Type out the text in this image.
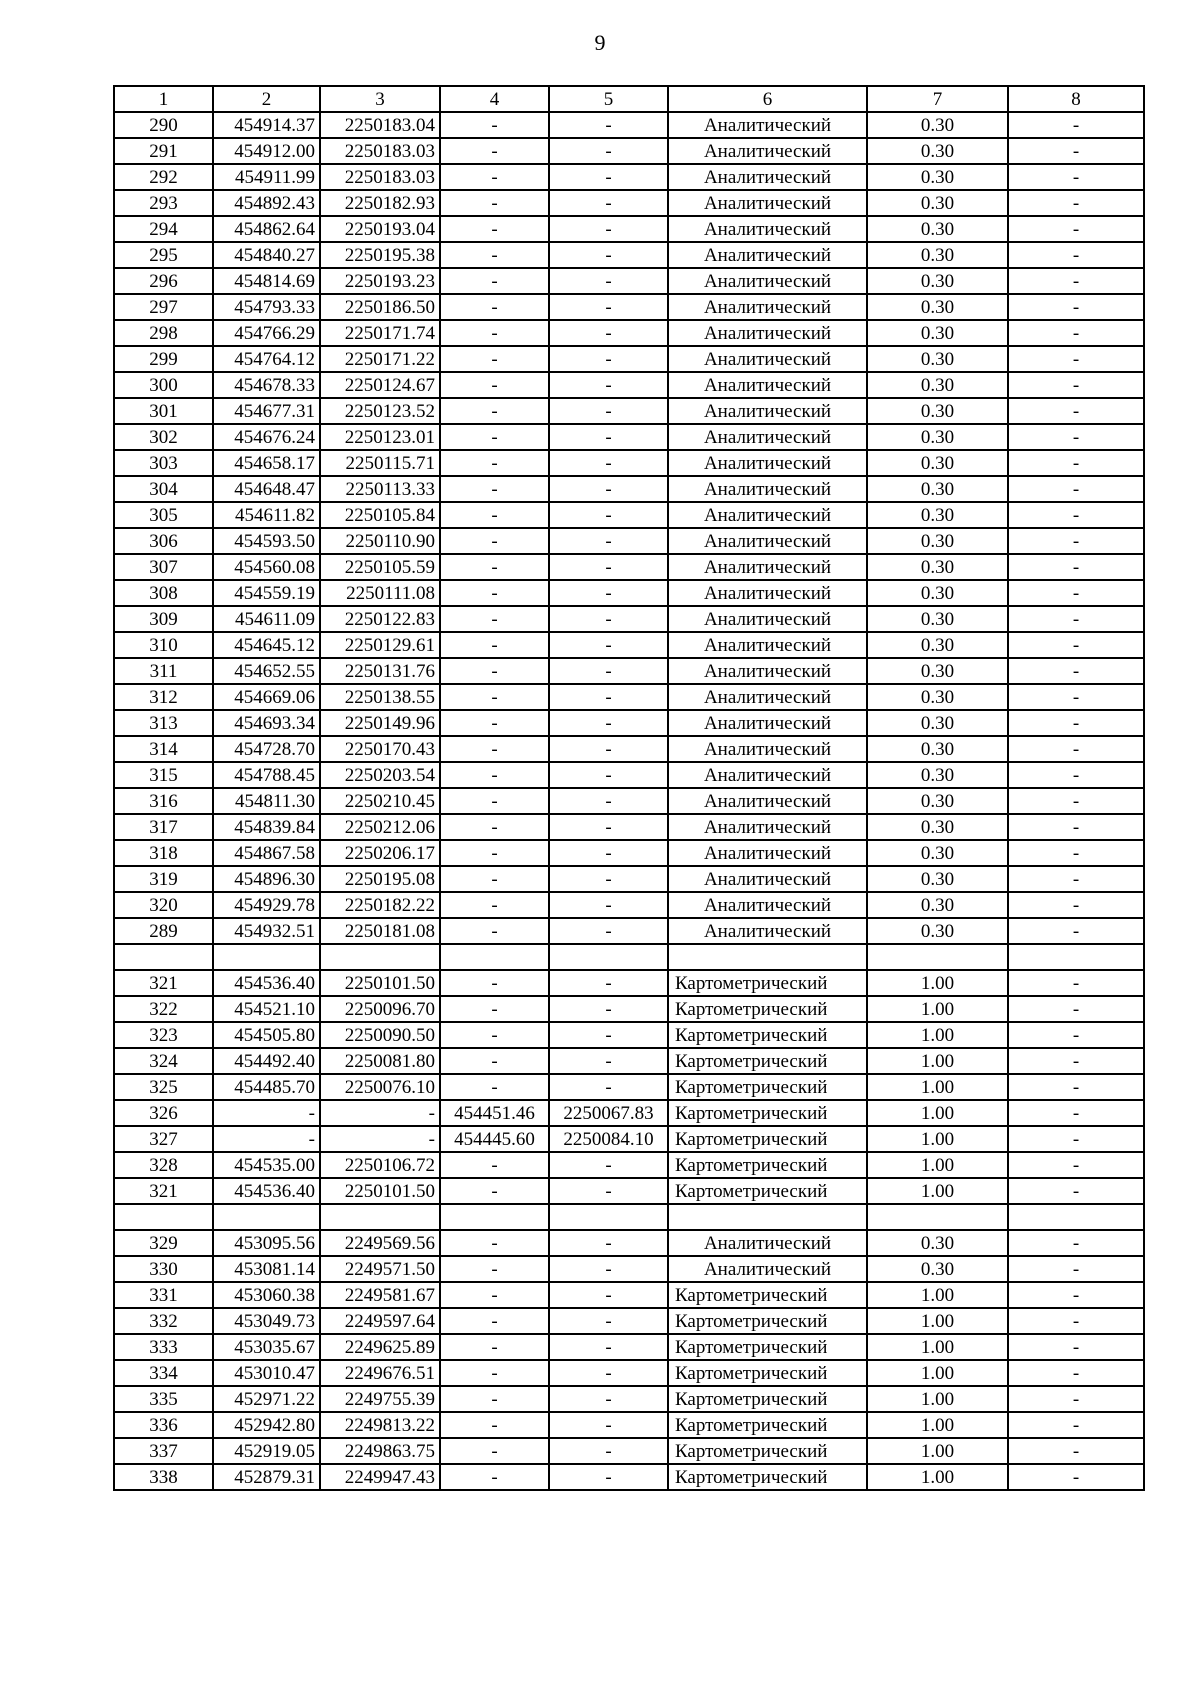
9
1	2	3	4	5	6	7	8
290	454914.37	2250183.04	-	-	Аналитический	0.30	-
291	454912.00	2250183.03	-	-	Аналитический	0.30	-
292	454911.99	2250183.03	-	-	Аналитический	0.30	-
293	454892.43	2250182.93	-	-	Аналитический	0.30	-
294	454862.64	2250193.04	-	-	Аналитический	0.30	-
295	454840.27	2250195.38	-	-	Аналитический	0.30	-
296	454814.69	2250193.23	-	-	Аналитический	0.30	-
297	454793.33	2250186.50	-	-	Аналитический	0.30	-
298	454766.29	2250171.74	-	-	Аналитический	0.30	-
299	454764.12	2250171.22	-	-	Аналитический	0.30	-
300	454678.33	2250124.67	-	-	Аналитический	0.30	-
301	454677.31	2250123.52	-	-	Аналитический	0.30	-
302	454676.24	2250123.01	-	-	Аналитический	0.30	-
303	454658.17	2250115.71	-	-	Аналитический	0.30	-
304	454648.47	2250113.33	-	-	Аналитический	0.30	-
305	454611.82	2250105.84	-	-	Аналитический	0.30	-
306	454593.50	2250110.90	-	-	Аналитический	0.30	-
307	454560.08	2250105.59	-	-	Аналитический	0.30	-
308	454559.19	2250111.08	-	-	Аналитический	0.30	-
309	454611.09	2250122.83	-	-	Аналитический	0.30	-
310	454645.12	2250129.61	-	-	Аналитический	0.30	-
311	454652.55	2250131.76	-	-	Аналитический	0.30	-
312	454669.06	2250138.55	-	-	Аналитический	0.30	-
313	454693.34	2250149.96	-	-	Аналитический	0.30	-
314	454728.70	2250170.43	-	-	Аналитический	0.30	-
315	454788.45	2250203.54	-	-	Аналитический	0.30	-
316	454811.30	2250210.45	-	-	Аналитический	0.30	-
317	454839.84	2250212.06	-	-	Аналитический	0.30	-
318	454867.58	2250206.17	-	-	Аналитический	0.30	-
319	454896.30	2250195.08	-	-	Аналитический	0.30	-
320	454929.78	2250182.22	-	-	Аналитический	0.30	-
289	454932.51	2250181.08	-	-	Аналитический	0.30	-

321	454536.40	2250101.50	-	-	Картометрический	1.00	-
322	454521.10	2250096.70	-	-	Картометрический	1.00	-
323	454505.80	2250090.50	-	-	Картометрический	1.00	-
324	454492.40	2250081.80	-	-	Картометрический	1.00	-
325	454485.70	2250076.10	-	-	Картометрический	1.00	-
326	-	-	454451.46	2250067.83	Картометрический	1.00	-
327	-	-	454445.60	2250084.10	Картометрический	1.00	-
328	454535.00	2250106.72	-	-	Картометрический	1.00	-
321	454536.40	2250101.50	-	-	Картометрический	1.00	-

329	453095.56	2249569.56	-	-	Аналитический	0.30	-
330	453081.14	2249571.50	-	-	Аналитический	0.30	-
331	453060.38	2249581.67	-	-	Картометрический	1.00	-
332	453049.73	2249597.64	-	-	Картометрический	1.00	-
333	453035.67	2249625.89	-	-	Картометрический	1.00	-
334	453010.47	2249676.51	-	-	Картометрический	1.00	-
335	452971.22	2249755.39	-	-	Картометрический	1.00	-
336	452942.80	2249813.22	-	-	Картометрический	1.00	-
337	452919.05	2249863.75	-	-	Картометрический	1.00	-
338	452879.31	2249947.43	-	-	Картометрический	1.00	-
